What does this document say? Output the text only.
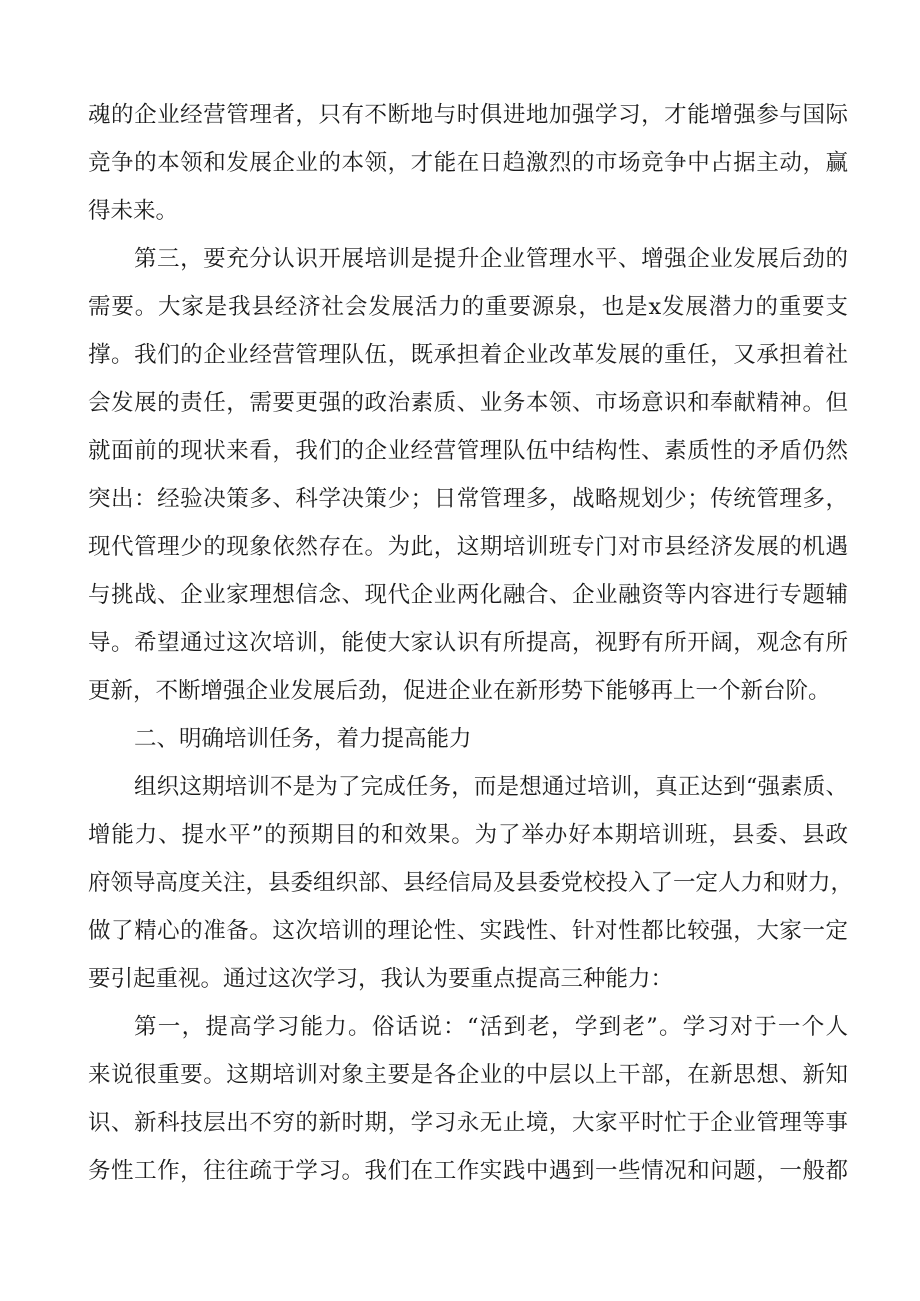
魂的企业经营管理者，只有不断地与时俱进地加强学习，才能增强参与国际
竞争的本领和发展企业的本领，才能在日趋激烈的市场竞争中占据主动，赢
得未来。
第三，要充分认识开展培训是提升企业管理水平、增强企业发展后劲的
需要。大家是我县经济社会发展活力的重要源泉，也是x发展潜力的重要支
撑。我们的企业经营管理队伍，既承担着企业改革发展的重任，又承担着社
会发展的责任，需要更强的政治素质、业务本领、市场意识和奉献精神。但
就面前的现状来看，我们的企业经营管理队伍中结构性、素质性的矛盾仍然
突出：经验决策多、科学决策少；日常管理多，战略规划少；传统管理多，
现代管理少的现象依然存在。为此，这期培训班专门对市县经济发展的机遇
与挑战、企业家理想信念、现代企业两化融合、企业融资等内容进行专题辅
导。希望通过这次培训，能使大家认识有所提高，视野有所开阔，观念有所
更新，不断增强企业发展后劲，促进企业在新形势下能够再上一个新台阶。
二、明确培训任务，着力提高能力
组织这期培训不是为了完成任务，而是想通过培训，真正达到“强素质、
增能力、提水平”的预期目的和效果。为了举办好本期培训班，县委、县政
府领导高度关注，县委组织部、县经信局及县委党校投入了一定人力和财力，
做了精心的准备。这次培训的理论性、实践性、针对性都比较强，大家一定
要引起重视。通过这次学习，我认为要重点提高三种能力：
第一，提高学习能力。俗话说：“活到老，学到老”。学习对于一个人
来说很重要。这期培训对象主要是各企业的中层以上干部，在新思想、新知
识、新科技层出不穷的新时期，学习永无止境，大家平时忙于企业管理等事
务性工作，往往疏于学习。我们在工作实践中遇到一些情况和问题，一般都
